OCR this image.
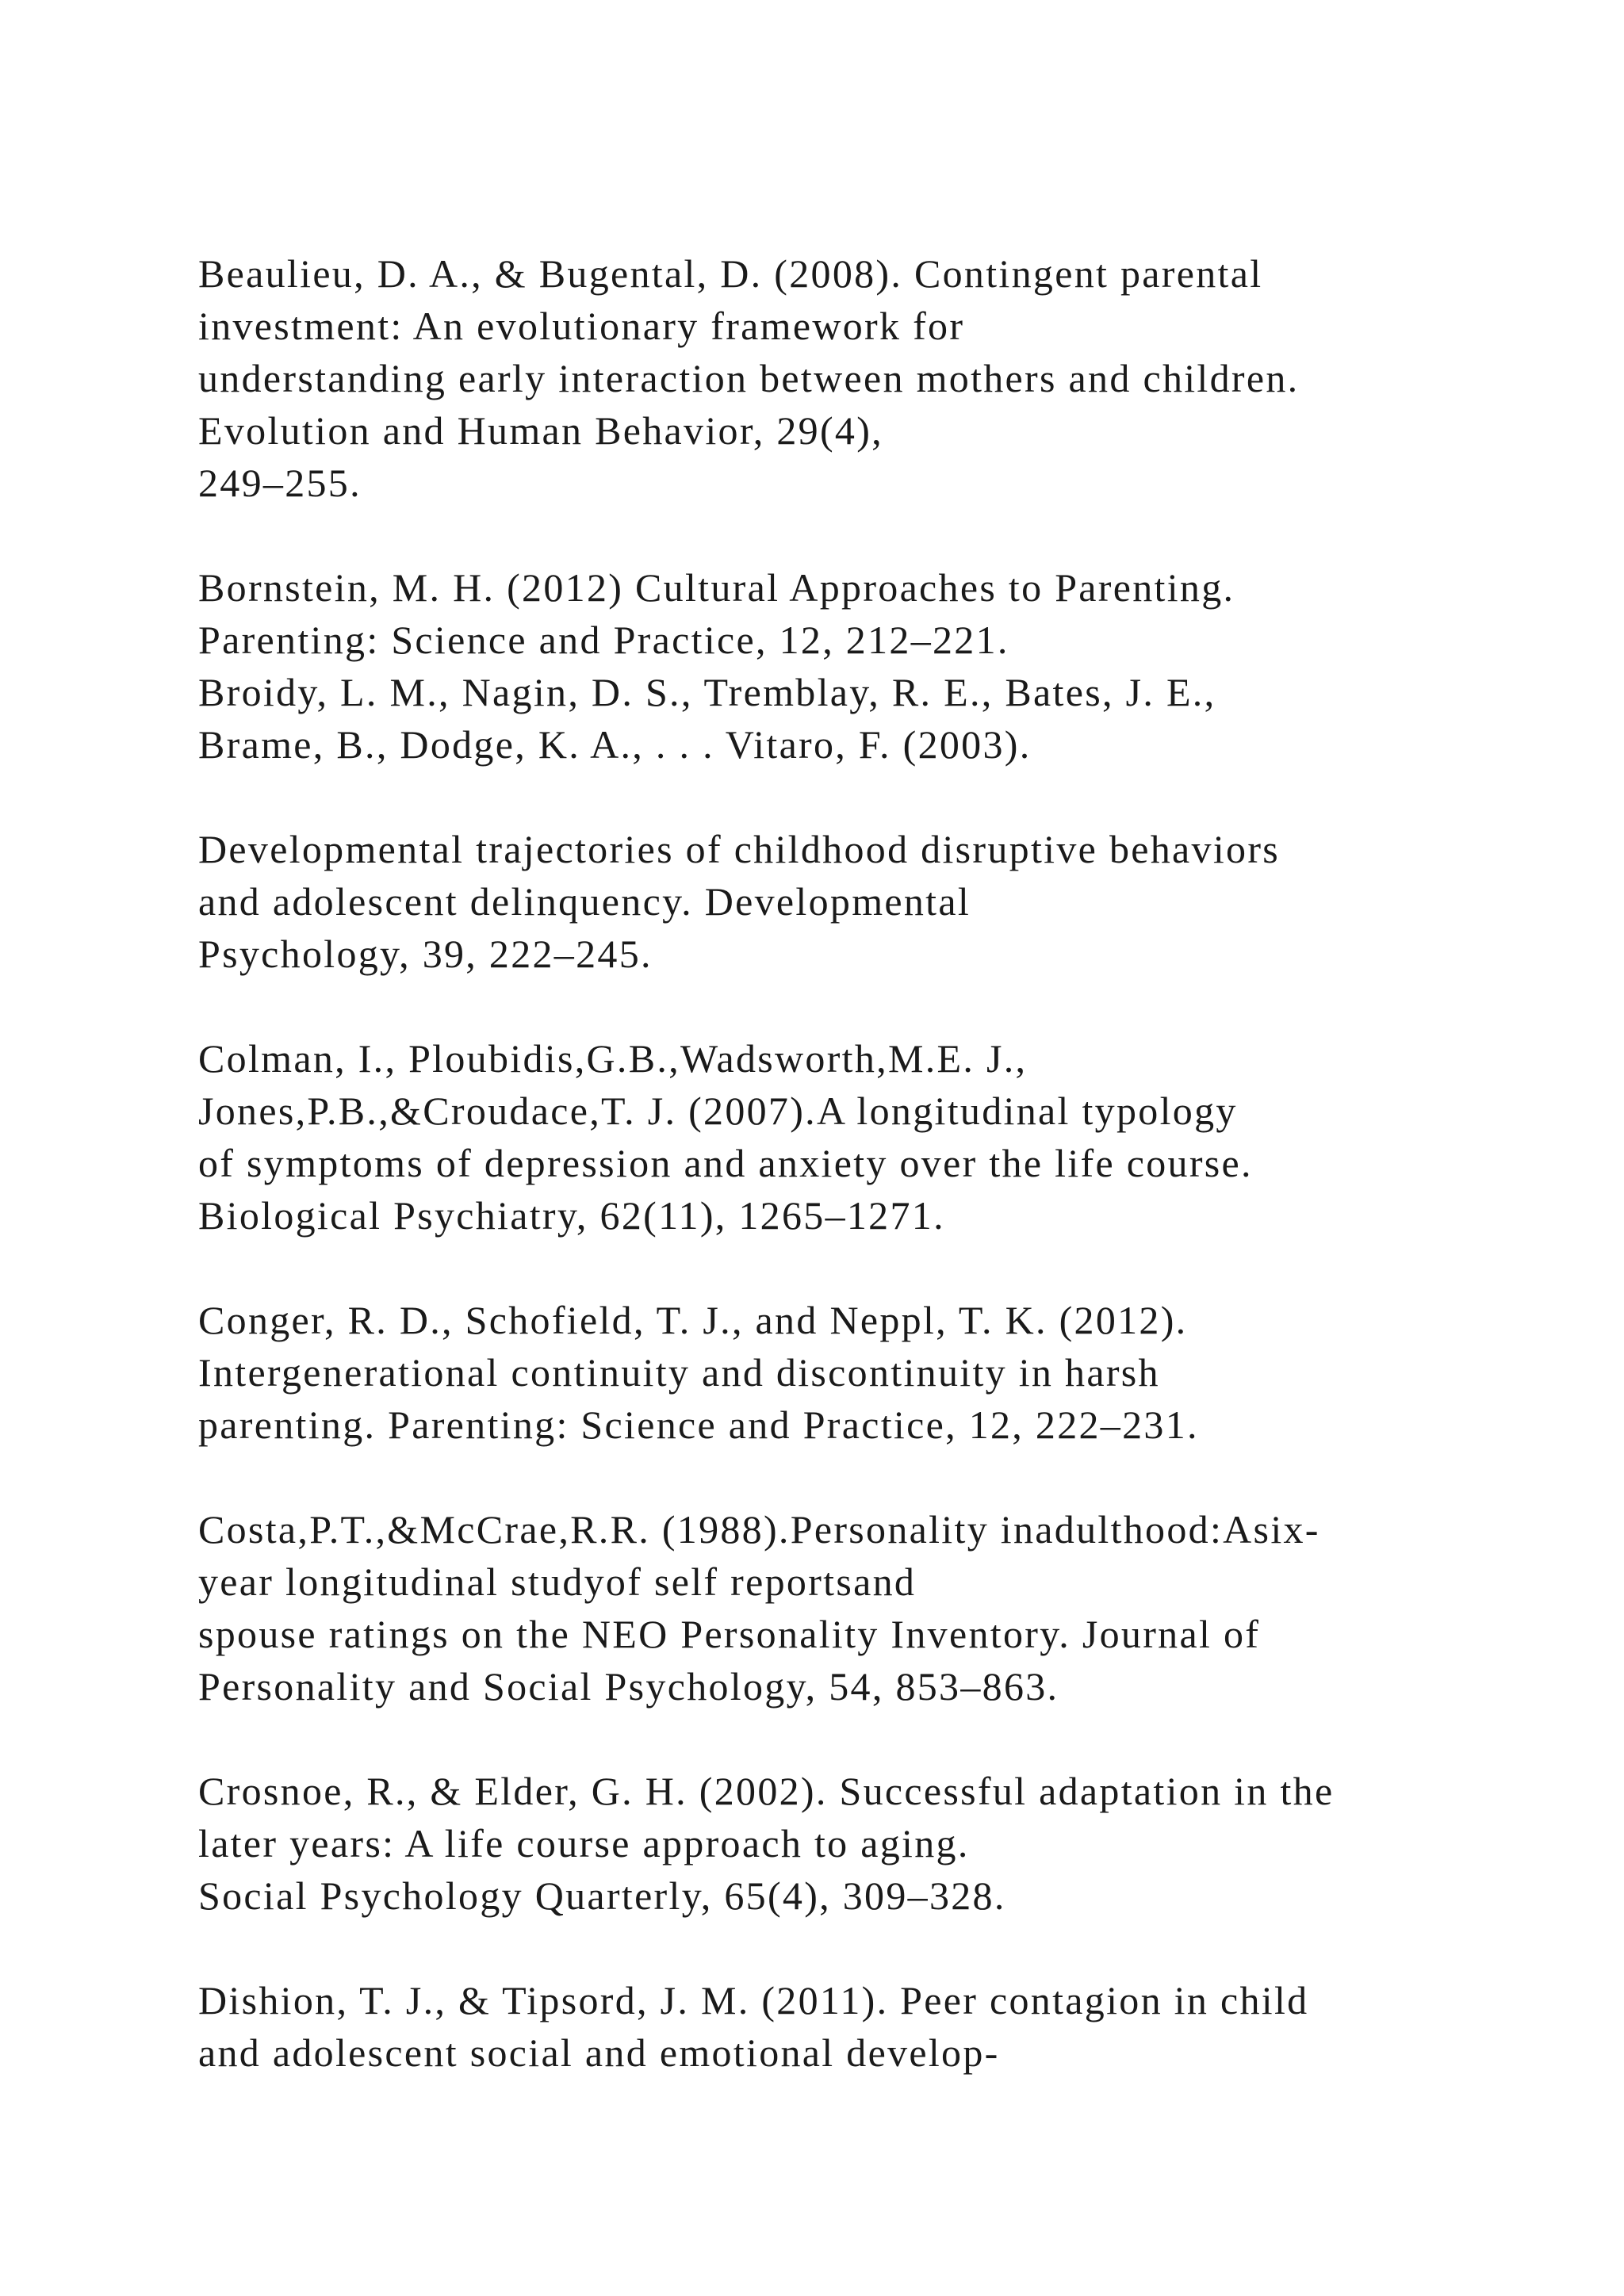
Beaulieu, D. A., & Bugental, D. (2008). Contingent parental
investment: An evolutionary framework for
understanding early interaction between mothers and children.
Evolution and Human Behavior, 29(4),
249–255.
Bornstein, M. H. (2012) Cultural Approaches to Parenting.
Parenting: Science and Practice, 12, 212–221.
Broidy, L. M., Nagin, D. S., Tremblay, R. E., Bates, J. E.,
Brame, B., Dodge, K. A., . . . Vitaro, F. (2003).
Developmental trajectories of childhood disruptive behaviors
and adolescent delinquency. Developmental
Psychology, 39, 222–245.
Colman, I., Ploubidis,G.B.,Wadsworth,M.E. J.,
Jones,P.B.,&Croudace,T. J. (2007).A longitudinal typology
of symptoms of depression and anxiety over the life course.
Biological Psychiatry, 62(11), 1265–1271.
Conger, R. D., Schofield, T. J., and Neppl, T. K. (2012).
Intergenerational continuity and discontinuity in harsh
parenting. Parenting: Science and Practice, 12, 222–231.
Costa,P.T.,&McCrae,R.R. (1988).Personality inadulthood:Asix-
year longitudinal studyof self reportsand
spouse ratings on the NEO Personality Inventory. Journal of
Personality and Social Psychology, 54, 853–863.
Crosnoe, R., & Elder, G. H. (2002). Successful adaptation in the
later years: A life course approach to aging.
Social Psychology Quarterly, 65(4), 309–328.
Dishion, T. J., & Tipsord, J. M. (2011). Peer contagion in child
and adolescent social and emotional develop-
